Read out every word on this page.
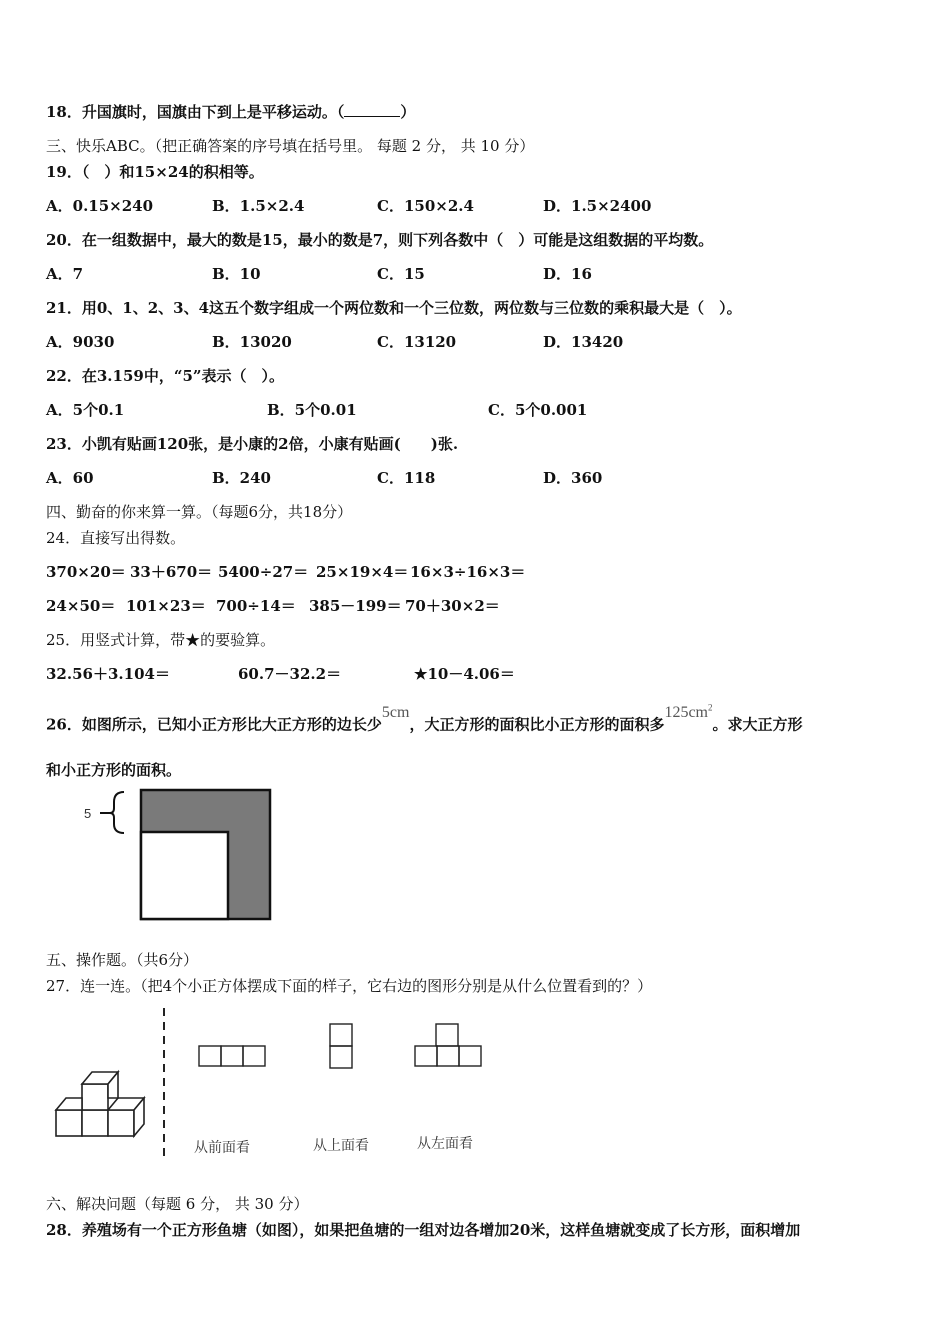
18．升国旗时，国旗由下到上是平移运动。（	）
三、快乐ABC。（把正确答案的序号填在括号里。 每题 2 分， 共 10 分）
19．（　）和15×24的积相等。
A．0.15×240	B．1.5×2.4	C．150×2.4	D．1.5×2400
20．在一组数据中，最大的数是15，最小的数是7，则下列各数中（　）可能是这组数据的平均数。
A．7	B．10	C．15	D．16
21．用0、1、2、3、4这五个数字组成一个两位数和一个三位数，两位数与三位数的乘积最大是（　）。
A．9030	B．13020	C．13120	D．13420
22．在3.159中，“5”表示（　）。
A．5个0.1	B．5个0.01	C．5个0.001
23．小凯有贴画120张，是小康的2倍，小康有贴画(　　)张.
A．60	B．240	C．118	D．360
四、勤奋的你来算一算。（每题6分，共18分）
24．直接写出得数。
370×20＝ 33＋670＝ 5400÷27＝ 25×19×4＝ 16×3÷16×3＝
24×50＝ 101×23＝ 700÷14＝ 385－199＝ 70＋30×2＝
25．用竖式计算，带★的要验算。
32.56＋3.104＝	60.7－32.2＝	★10－4.06＝
26．如图所示，已知小正方形比大正方形的边长少5cm，大正方形的面积比小正方形的面积多$125cm^2$。求大正方形
和小正方形的面积。
5
五、操作题。（共6分）
27．连一连。（把4个小正方体摆成下面的样子，它右边的图形分别是从什么位置看到的？）
从前面看	从上面看	从左面看
六、解决问题（每题 6 分， 共 30 分）
28．养殖场有一个正方形鱼塘（如图），如果把鱼塘的一组对边各增加20米，这样鱼塘就变成了长方形，面积增加
